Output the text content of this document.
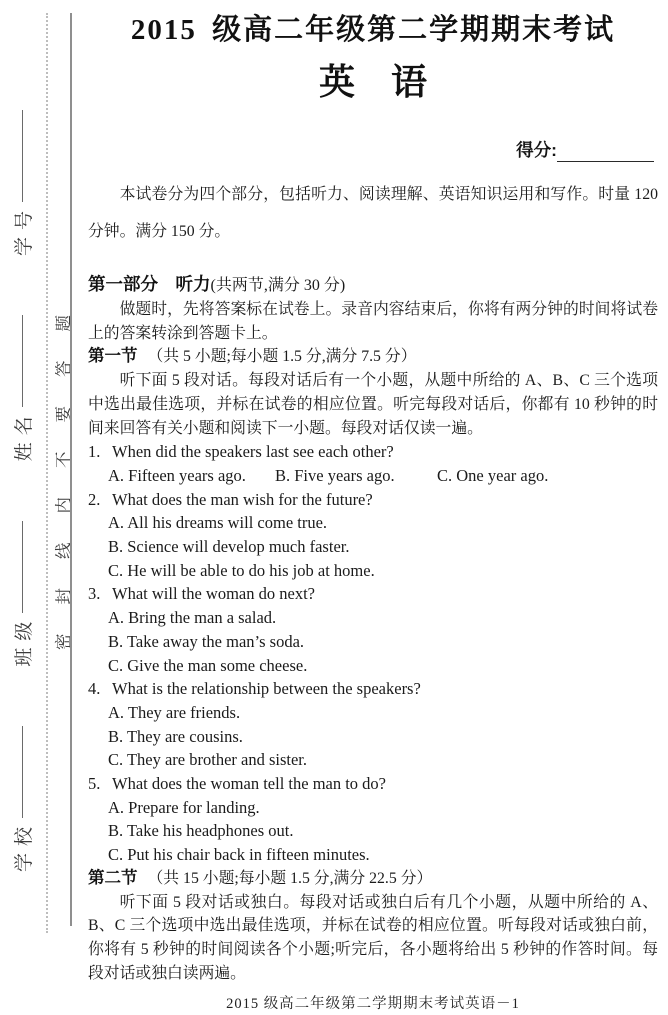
学校
班级
姓名
学号
密封线内不要答题
2015 级高二年级第二学期期末考试
英　语
得分:

本试卷分为四个部分，包括听力、阅读理解、英语知识运用和写作。时量 120 分钟。满分 150 分。

第一部分　听力(共两节,满分 30 分)

做题时，先将答案标在试卷上。录音内容结束后，你将有两分钟的时间将试卷上的答案转涂到答题卡上。

第一节 （共 5 小题;每小题 1.5 分,满分 7.5 分）

听下面 5 段对话。每段对话后有一个小题，从题中所给的 A、B、C 三个选项中选出最佳选项，并标在试卷的相应位置。听完每段对话后，你都有 10 秒钟的时间来回答有关小题和阅读下一小题。每段对话仅读一遍。

1. When did the speakers last see each other?
A. Fifteen years ago.	B. Five years ago.	C. One year ago.
2. What does the man wish for the future?
A. All his dreams will come true.
B. Science will develop much faster.
C. He will be able to do his job at home.
3. What will the woman do next?
A. Bring the man a salad.
B. Take away the man’s soda.
C. Give the man some cheese.
4. What is the relationship between the speakers?
A. They are friends.
B. They are cousins.
C. They are brother and sister.
5. What does the woman tell the man to do?
A. Prepare for landing.
B. Take his headphones out.
C. Put his chair back in fifteen minutes.
第二节 （共 15 小题;每小题 1.5 分,满分 22.5 分）

听下面 5 段对话或独白。每段对话或独白后有几个小题，从题中所给的 A、B、C 三个选项中选出最佳选项，并标在试卷的相应位置。听每段对话或独白前，你将有 5 秒钟的时间阅读各个小题;听完后，各小题将给出 5 秒钟的作答时间。每段对话或独白读两遍。

2015 级高二年级第二学期期末考试英语－1
